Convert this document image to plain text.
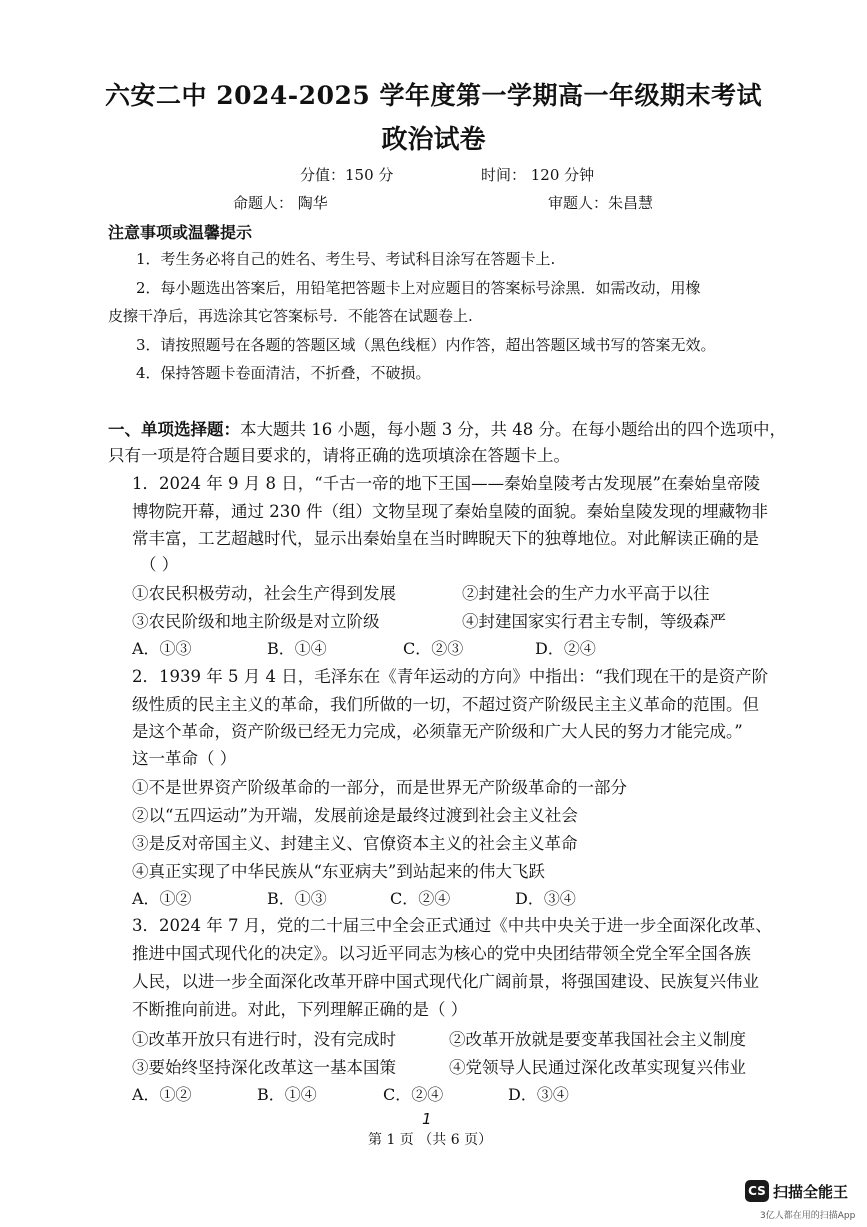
六安二中 2024-2025 学年度第一学期高一年级期末考试
政治试卷
分值：150 分	时间： 120 分钟
命题人： 陶华	审题人：朱昌慧
注意事项或温馨提示
1．考生务必将自己的姓名、考生号、考试科目涂写在答题卡上.
2．每小题选出答案后，用铅笔把答题卡上对应题目的答案标号涂黑．如需改动，用橡
皮擦干净后，再选涂其它答案标号．不能答在试题卷上.
3．请按照题号在各题的答题区域（黑色线框）内作答，超出答题区域书写的答案无效。
4．保持答题卡卷面清洁，不折叠，不破损。
一、单项选择题：本大题共 16 小题，每小题 3 分，共 48 分。在每小题给出的四个选项中，
只有一项是符合题目要求的，请将正确的选项填涂在答题卡上。
1．2024 年 9 月 8 日，“千古一帝的地下王国——秦始皇陵考古发现展”在秦始皇帝陵
博物院开幕，通过 230 件（组）文物呈现了秦始皇陵的面貌。秦始皇陵发现的埋藏物非
常丰富，工艺超越时代，显示出秦始皇在当时睥睨天下的独尊地位。对此解读正确的是
（ ）
①农民积极劳动，社会生产得到发展	②封建社会的生产力水平高于以往
③农民阶级和地主阶级是对立阶级	④封建国家实行君主专制，等级森严
A．①③	B．①④	C．②③	D．②④
2．1939 年 5 月 4 日，毛泽东在《青年运动的方向》中指出：“我们现在干的是资产阶
级性质的民主主义的革命，我们所做的一切，不超过资产阶级民主主义革命的范围。但
是这个革命，资产阶级已经无力完成，必须靠无产阶级和广大人民的努力才能完成。”
这一革命（ ）
①不是世界资产阶级革命的一部分，而是世界无产阶级革命的一部分
②以“五四运动”为开端，发展前途是最终过渡到社会主义社会
③是反对帝国主义、封建主义、官僚资本主义的社会主义革命
④真正实现了中华民族从“东亚病夫”到站起来的伟大飞跃
A．①②	B．①③	C．②④	D．③④
3．2024 年 7 月，党的二十届三中全会正式通过《中共中央关于进一步全面深化改革、
推进中国式现代化的决定》。以习近平同志为核心的党中央团结带领全党全军全国各族
人民，以进一步全面深化改革开辟中国式现代化广阔前景，将强国建设、民族复兴伟业
不断推向前进。对此，下列理解正确的是（ ）
①改革开放只有进行时，没有完成时	②改革开放就是要变革我国社会主义制度
③要始终坚持深化改革这一基本国策	④党领导人民通过深化改革实现复兴伟业
A．①②	B．①④	C．②④	D．③④
1
第 1 页 （共 6 页）
CS 扫描全能王
3亿人都在用的扫描App
